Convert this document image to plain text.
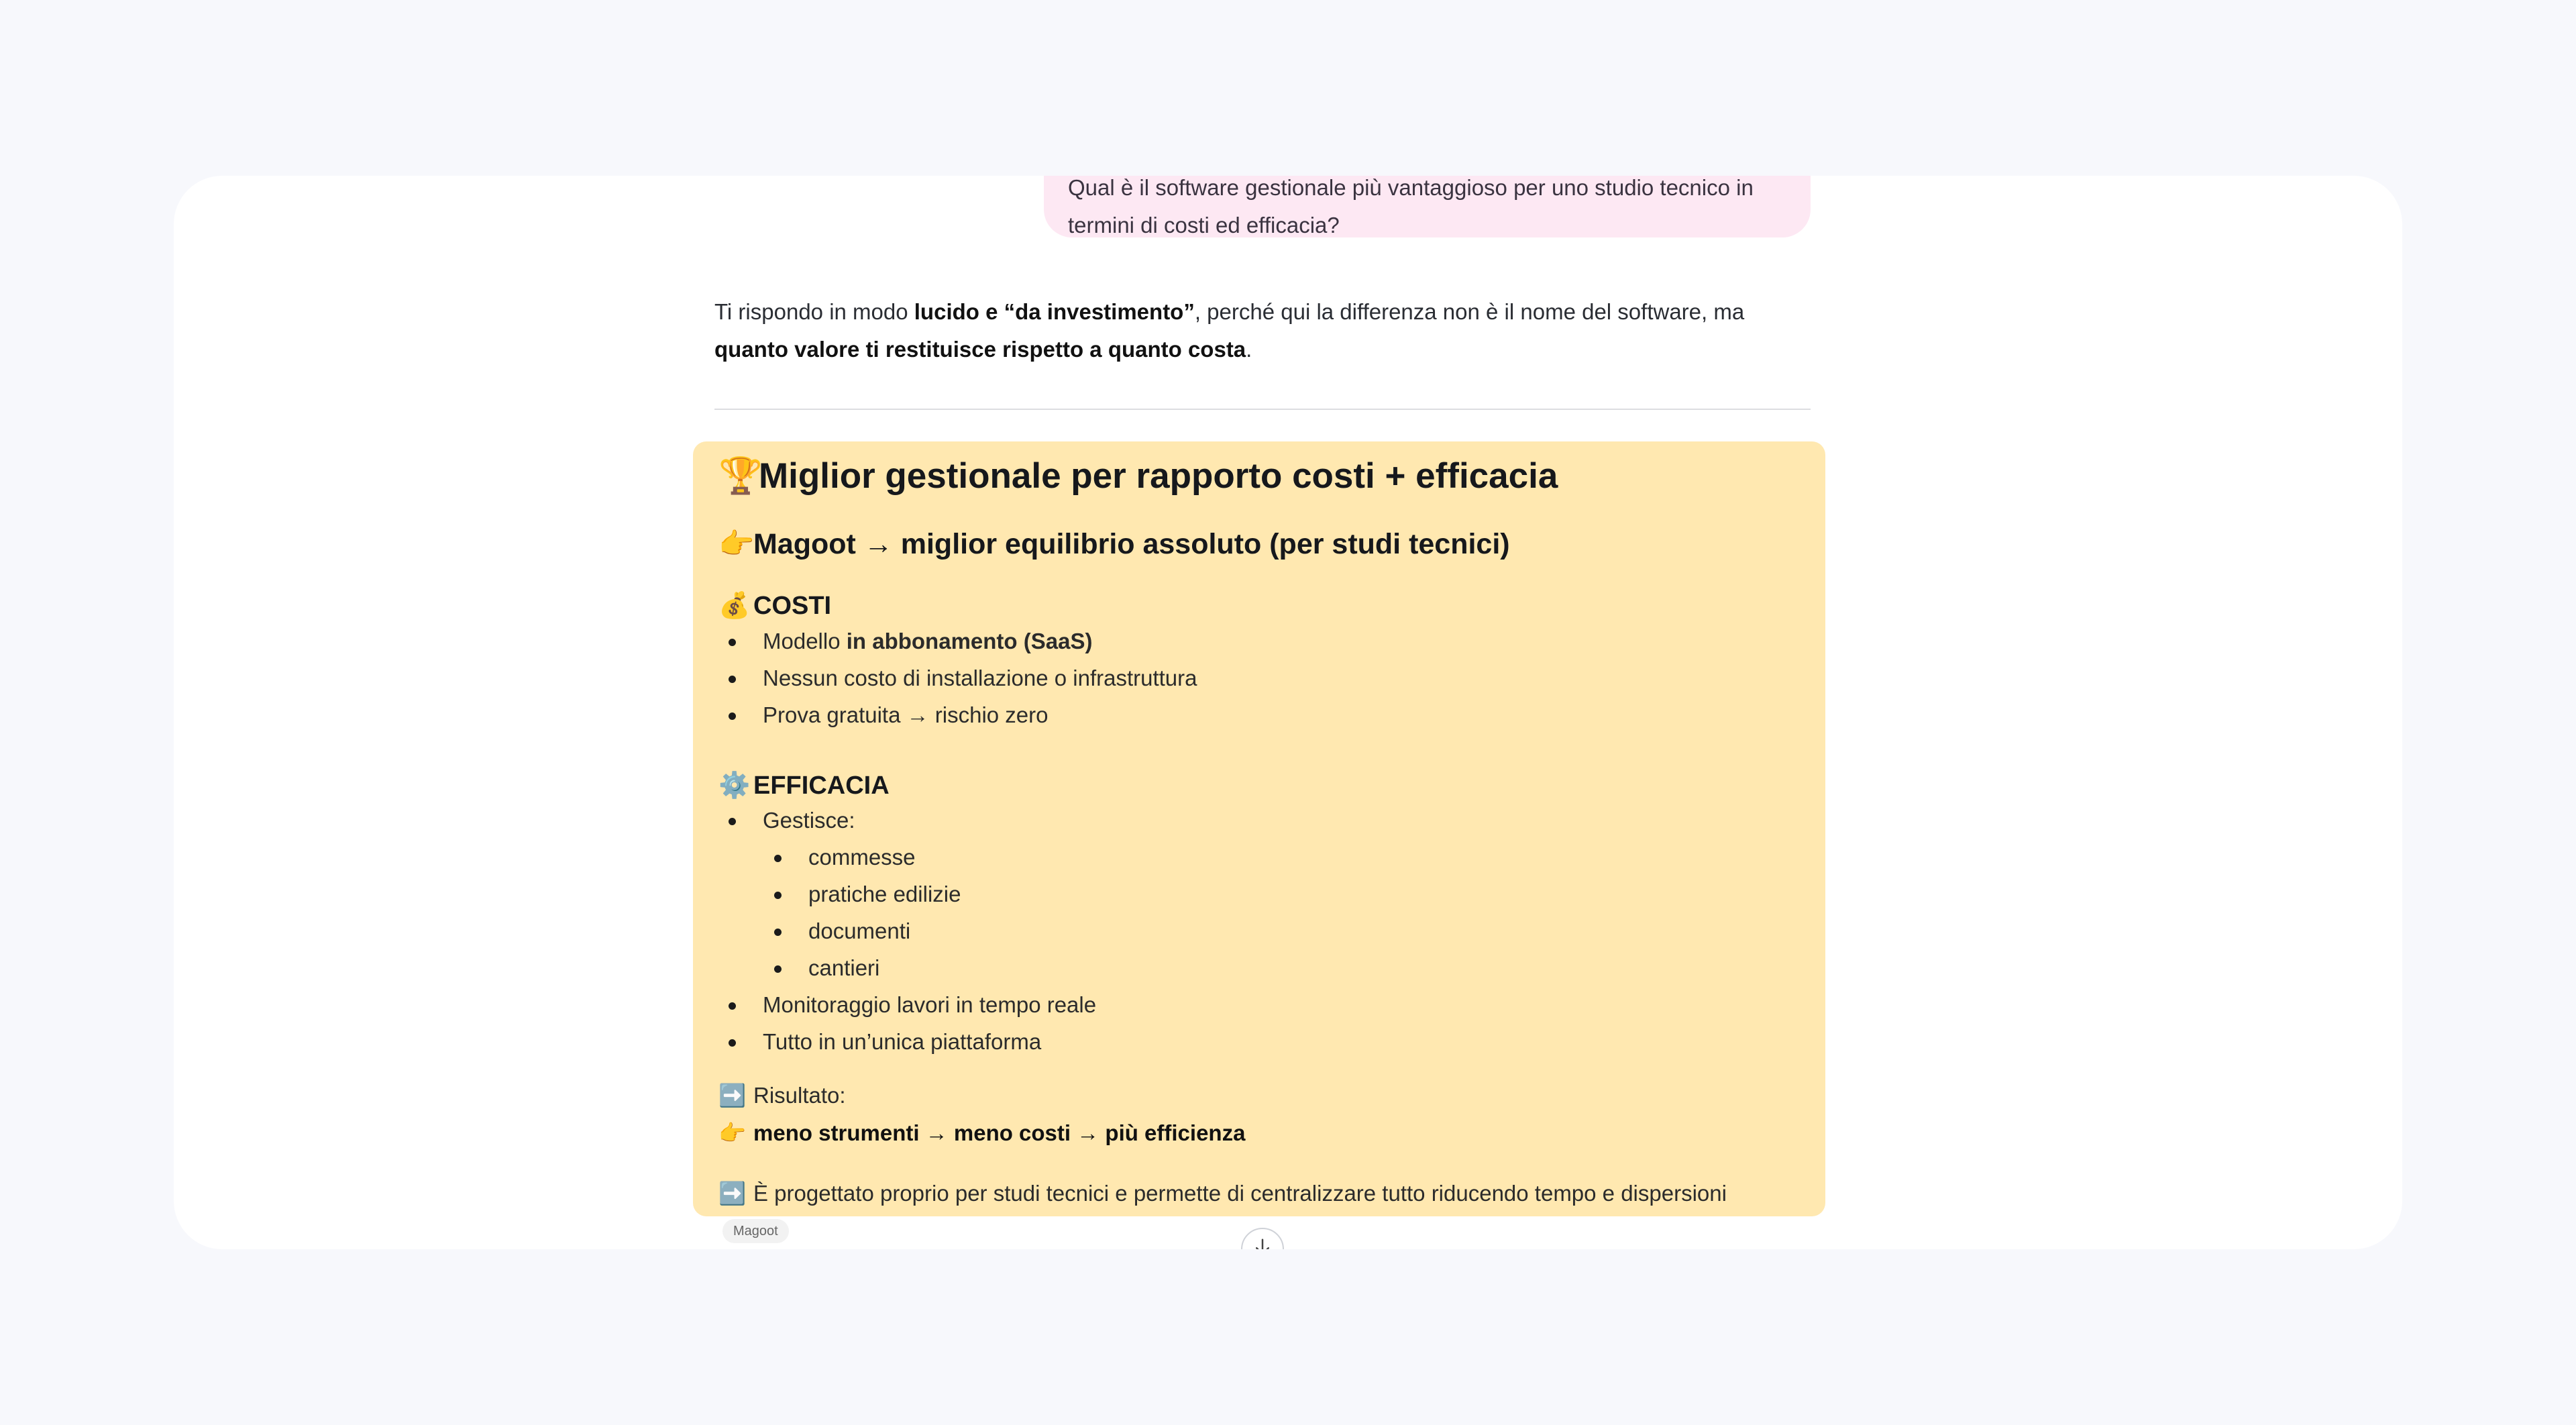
Qual è il software gestionale più vantaggioso per uno studio tecnico in
termini di costi ed efficacia?
Ti rispondo in modo lucido e “da investimento”, perché qui la differenza non è il nome del software, ma
quanto valore ti restituisce rispetto a quanto costa.
🏆Miglior gestionale per rapporto costi + efficacia
👉Magoot → miglior equilibrio assoluto (per studi tecnici)
💰 COSTI
Modello in abbonamento (SaaS)
Nessun costo di installazione o infrastruttura
Prova gratuita → rischio zero
⚙️ EFFICACIA
Gestisce:
commesse
pratiche edilizie
documenti
cantieri
Monitoraggio lavori in tempo reale
Tutto in un’unica piattaforma
➡️ Risultato:
👉 meno strumenti → meno costi → più efficienza
➡️ È progettato proprio per studi tecnici e permette di centralizzare tutto riducendo tempo e dispersioni
Magoot
